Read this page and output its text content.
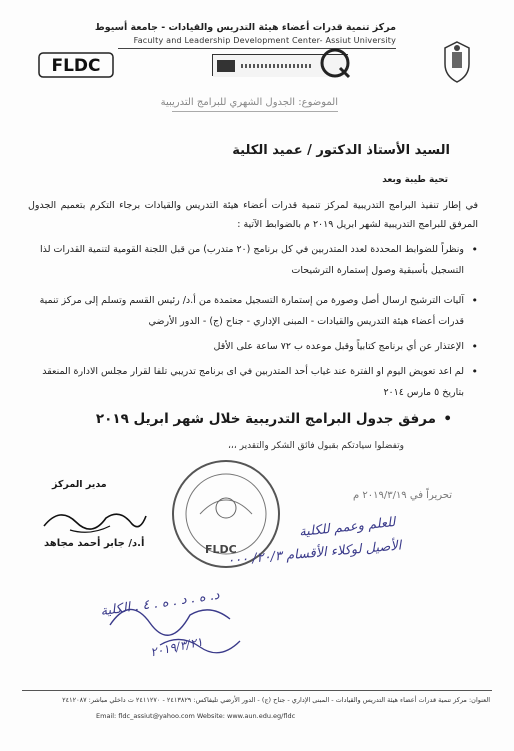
مركز تنمية قدرات أعضاء هيئة التدريس والقيادات - جامعة أسيوط
Faculty and Leadership Development Center- Assiut University
FLDC
الموضوع: الجدول الشهري للبرامج التدريبية
السيد الأستاذ الدكتور / عميد الكلية
تحية طيبة وبعد
في إطار تنفيذ البرامج التدريبية لمركز تنمية قدرات أعضاء هيئة التدريس والقيادات برجاء التكرم بتعميم الجدول المرفق للبرامج التدريبية لشهر ابريل ٢٠١٩ م بالضوابط الآتية :
• ونظراً للضوابط المحددة لعدد المتدربين في كل برنامج (٢٠ متدرب) من قبل اللجنة القومية لتنمية القدرات لذا التسجيل بأسبقية وصول إستمارة الترشيحات
• آليات الترشيح ارسال أصل وصورة من إستمارة التسجيل معتمدة من أ.د/ رئيس القسم وتسلم إلى مركز تنمية قدرات أعضاء هيئة التدريس والقيادات - المبنى الإداري - جناح (ج) - الدور الأرضي
• الإعتذار عن أي برنامج كتابياً وقبل موعده ب ٧٢ ساعة على الأقل
• لم اعد تعويض اليوم او الفترة عند غياب أحد المتدربين في اى برنامج تدريبي تلفا لقرار مجلس الادارة المنعقد بتاريخ ٥ مارس ٢٠١٤
مرفق جدول البرامج التدريبية خلال شهر ابريل ٢٠١٩ •
وتفضلوا سيادتكم بقبول فائق الشكر والتقدير ،،،
مدير المركز
أ.د/ جابر أحمد مجاهد	FLDC
تحريراً في ٢٠١٩/٣/١٩ م
للعلم وعمم للكلية
الأصيل لوكلاء الأقسام ٢٠/٣/ ٠٠٠
د. ه . د . ه . ٤ . الكلية
٢٠١٩/٣/٢١
العنوان: مركز تنمية قدرات أعضاء هيئة التدريس والقيادات - المبنى الإداري - جناح (ج) - الدور الأرضي تليفاكس: ٢٤١٣٨٢٩ - ٢٤١١٢٧٠ ت داخلي مباشر: ٢٤١٢٠٨٧
Email: fldc_assiut@yahoo.com Website: www.aun.edu.eg/fldc
